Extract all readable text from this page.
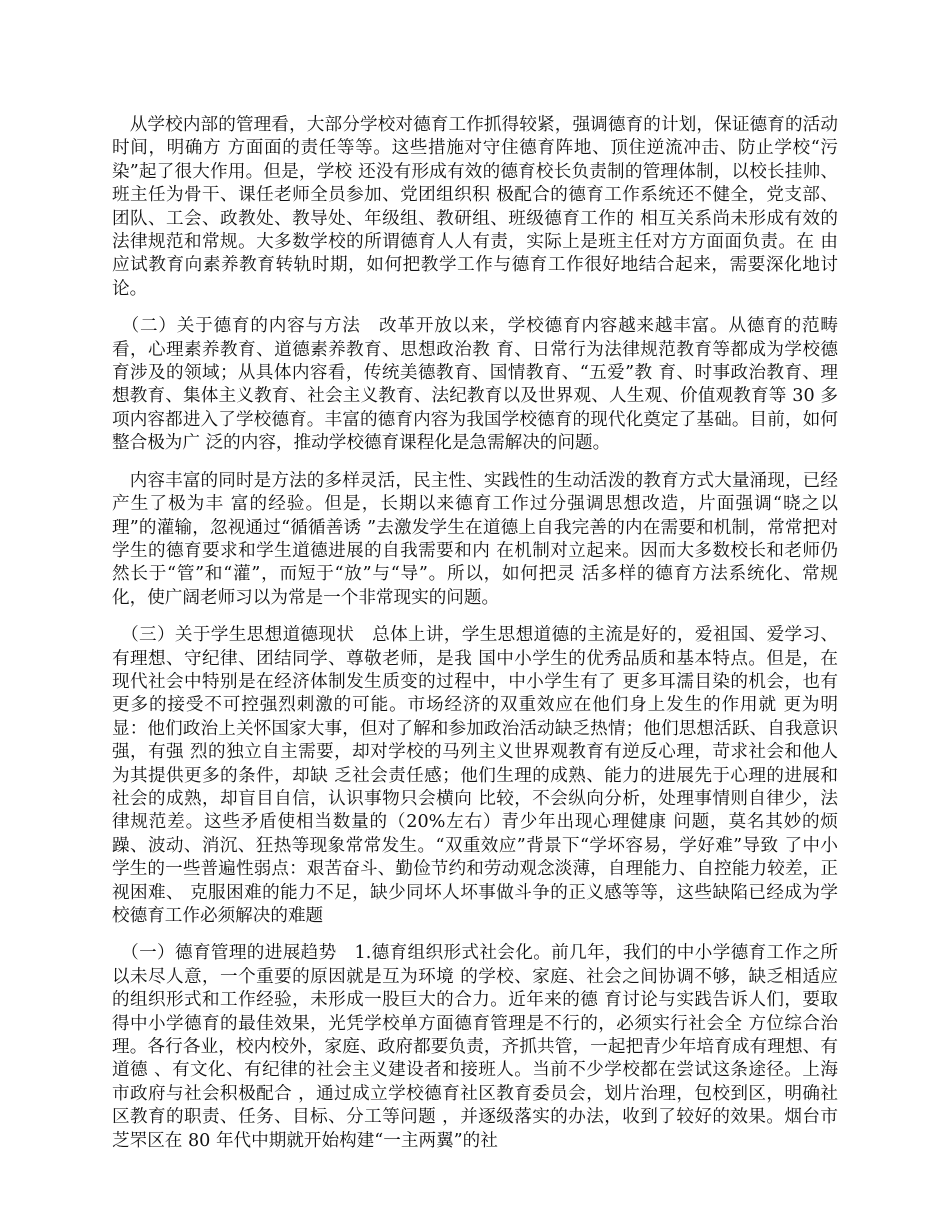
　从学校内部的管理看，大部分学校对德育工作抓得较紧，强调德育的计划，保证德育的活动时间，明确方 方面面的责任等等。这些措施对守住德育阵地、顶住逆流冲击、防止学校“污染”起了很大作用。但是，学校 还没有形成有效的德育校长负责制的管理体制，以校长挂帅、班主任为骨干、课任老师全员参加、党团组织积 极配合的德育工作系统还不健全，党支部、团队、工会、政教处、教导处、年级组、教研组、班级德育工作的 相互关系尚未形成有效的法律规范和常规。大多数学校的所谓德育人人有责，实际上是班主任对方方面面负责。在 由应试教育向素养教育转轨时期，如何把教学工作与德育工作很好地结合起来，需要深化地讨论。

　（二）关于德育的内容与方法　改革开放以来，学校德育内容越来越丰富。从德育的范畴看，心理素养教育、道德素养教育、思想政治教 育、日常行为法律规范教育等都成为学校德育涉及的领域；从具体内容看，传统美德教育、国情教育、“五爱”教 育、时事政治教育、理想教育、集体主义教育、社会主义教育、法纪教育以及世界观、人生观、价值观教育等 30 多项内容都进入了学校德育。丰富的德育内容为我国学校德育的现代化奠定了基础。目前，如何整合极为广 泛的内容，推动学校德育课程化是急需解决的问题。

　内容丰富的同时是方法的多样灵活，民主性、实践性的生动活泼的教育方式大量涌现，已经产生了极为丰 富的经验。但是，长期以来德育工作过分强调思想改造，片面强调“晓之以理”的灌输，忽视通过“循循善诱 ”去激发学生在道德上自我完善的内在需要和机制，常常把对学生的德育要求和学生道德进展的自我需要和内 在机制对立起来。因而大多数校长和老师仍然长于“管”和“灌”，而短于“放”与“导”。所以，如何把灵 活多样的德育方法系统化、常规化，使广阔老师习以为常是一个非常现实的问题。

　（三）关于学生思想道德现状　总体上讲，学生思想道德的主流是好的，爱祖国、爱学习、有理想、守纪律、团结同学、尊敬老师，是我 国中小学生的优秀品质和基本特点。但是，在现代社会中特别是在经济体制发生质变的过程中，中小学生有了 更多耳濡目染的机会，也有更多的接受不可控强烈刺激的可能。市场经济的双重效应在他们身上发生的作用就 更为明显：他们政治上关怀国家大事，但对了解和参加政治活动缺乏热情；他们思想活跃、自我意识强，有强 烈的独立自主需要，却对学校的马列主义世界观教育有逆反心理，苛求社会和他人为其提供更多的条件，却缺 乏社会责任感；他们生理的成熟、能力的进展先于心理的进展和社会的成熟，却盲目自信，认识事物只会横向 比较，不会纵向分析，处理事情则自律少，法律规范差。这些矛盾使相当数量的（20%左右）青少年出现心理健康 问题，莫名其妙的烦躁、波动、消沉、狂热等现象常常发生。“双重效应”背景下“学坏容易，学好难”导致 了中小学生的一些普遍性弱点：艰苦奋斗、勤俭节约和劳动观念淡薄，自理能力、自控能力较差，正视困难、 克服困难的能力不足，缺少同坏人坏事做斗争的正义感等等，这些缺陷已经成为学校德育工作必须解决的难题

　（一）德育管理的进展趋势　1.德育组织形式社会化。前几年，我们的中小学德育工作之所以未尽人意，一个重要的原因就是互为环境 的学校、家庭、社会之间协调不够，缺乏相适应的组织形式和工作经验，未形成一股巨大的合力。近年来的德 育讨论与实践告诉人们，要取得中小学德育的最佳效果，光凭学校单方面德育管理是不行的，必须实行社会全 方位综合治理。各行各业，校内校外，家庭、政府都要负责，齐抓共管，一起把青少年培育成有理想、有道德 、有文化、有纪律的社会主义建设者和接班人。当前不少学校都在尝试这条途径。上海市政府与社会积极配合 ，通过成立学校德育社区教育委员会，划片治理，包校到区，明确社区教育的职责、任务、目标、分工等问题 ，并逐级落实的办法，收到了较好的效果。烟台市芝罘区在 80 年代中期就开始构建“一主两翼”的社
